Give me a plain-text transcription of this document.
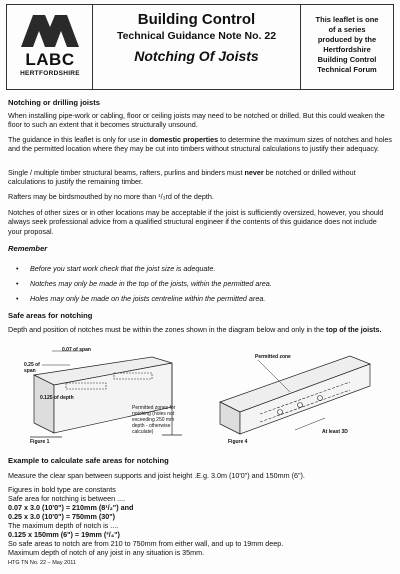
LABC
HERTFORDSHIRE
Building Control
Technical Guidance Note No. 22
Notching Of Joists
This leaflet is one
of a series
produced by the
Hertfordshire
Building Control
Technical Forum
Notching or drilling joists
When installing pipe-work or cabling, floor or ceiling joists may need to be notched or drilled. But this could weaken the floor to such an extent that it becomes structurally unsound.
The guidance in this leaflet is only for use in domestic properties to determine the maximum sizes of notches and holes and the permitted location where they may be cut into timbers without structural calculations to justify their adequacy.
Single / multiple timber structural beams, rafters, purlins and binders must never be notched or drilled without calculations to justify the remaining timber.
Rafters may be birdsmouthed by no more than ¹/₃rd of the depth.
Notches of other sizes or in other locations may be acceptable if the joist is sufficiently oversized, however, you should always seek professional advice from a qualified structural engineer if the contents of this guidance does not include your proposal.
Remember
• Before you start work check that the joist size is adequate.
• Notches may only be made in the top of the joists, within the permitted area.
• Holes may only be made on the joists centreline within the permitted area.
Safe areas for notching
Depth and position of notches must be within the zones shown in the diagram below and only in the top of the joists.
0.07 of span
0.25 of span
0.125 of depth
Permitted zones for notching (holes not exceeding 250 mm depth - otherwise calculate)
Figure 1
Permitted zone
At least 3D
Figure 4
Example to calculate safe areas for notching
Measure the clear span between supports and joist height .E.g. 3.0m (10'0") and 150mm (6").
Figures in bold type are constants
Safe area for notching is between ....
0.07 x 3.0 (10'0") = 210mm (8¹/₂") and
0.25 x 3.0 (10'0") = 750mm (30")
The maximum depth of notch is ....
0.125 x 150mm (6") = 19mm (³/₄")
So safe areas to notch are from 210 to 750mm from either wall, and up to 19mm deep.
Maximum depth of notch of any joist in any situation is 35mm.
HTG TN No. 22 – May 2011
